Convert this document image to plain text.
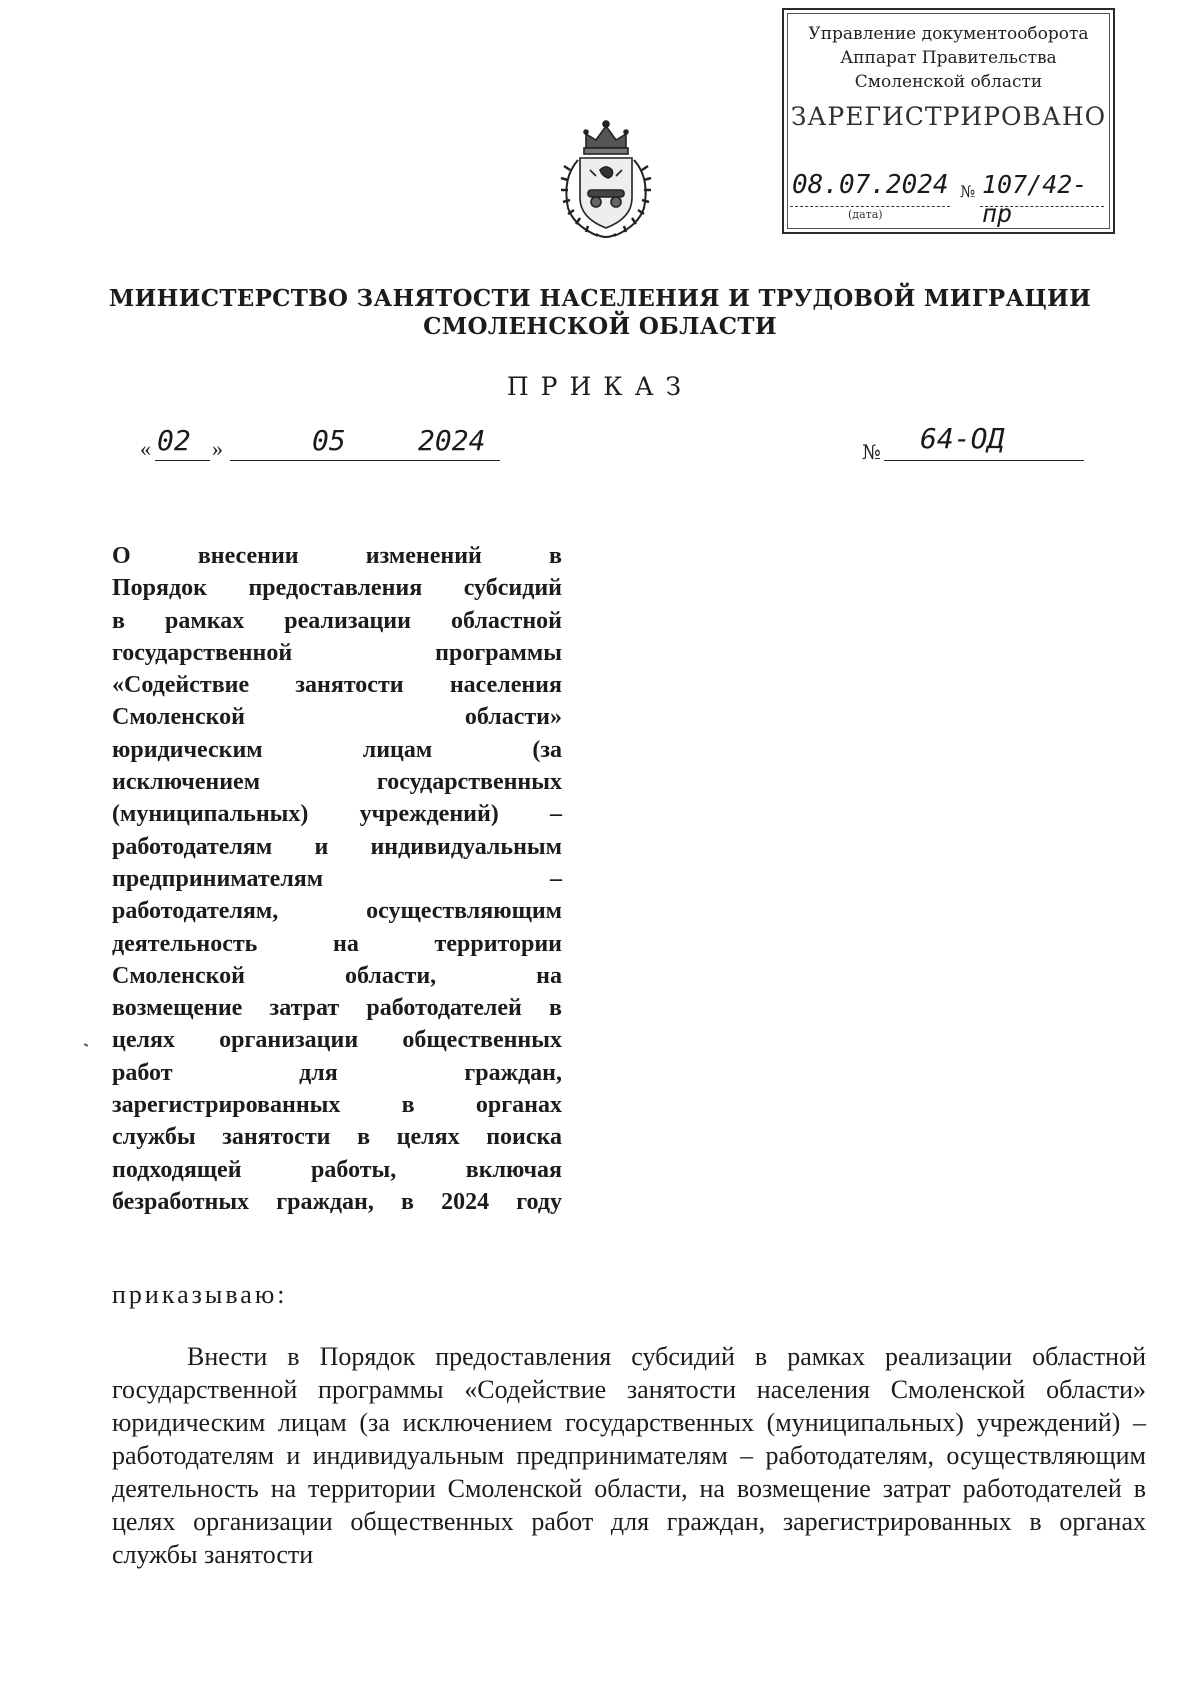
Управление документооборота
Аппарат Правительства
Смоленской области
ЗАРЕГИСТРИРОВАНО
08.07.2024 № 107/42-пр
(дата)
МИНИСТЕРСТВО ЗАНЯТОСТИ НАСЕЛЕНИЯ И ТРУДОВОЙ МИГРАЦИИ
СМОЛЕНСКОЙ ОБЛАСТИ
ПРИКАЗ
« 02 »	05	2024	№ 64-ОД
О внесении изменений в
Порядок предоставления субсидий
в рамках реализации областной
государственной программы
«Содействие занятости населения
Смоленской области»
юридическим лицам (за
исключением государственных
(муниципальных) учреждений) –
работодателям и индивидуальным
предпринимателям –
работодателям, осуществляющим
деятельность на территории
Смоленской области, на
возмещение затрат работодателей в
целях организации общественных
работ для граждан,
зарегистрированных в органах
службы занятости в целях поиска
подходящей работы, включая
безработных граждан, в 2024 году
приказываю:
Внести в Порядок предоставления субсидий в рамках реализации областной государственной программы «Содействие занятости населения Смоленской области» юридическим лицам (за исключением государственных (муниципальных) учреждений) – работодателям и индивидуальным предпринимателям – работодателям, осуществляющим деятельность на территории Смоленской области, на возмещение затрат работодателей в целях организации общественных работ для граждан, зарегистрированных в органах службы занятости
